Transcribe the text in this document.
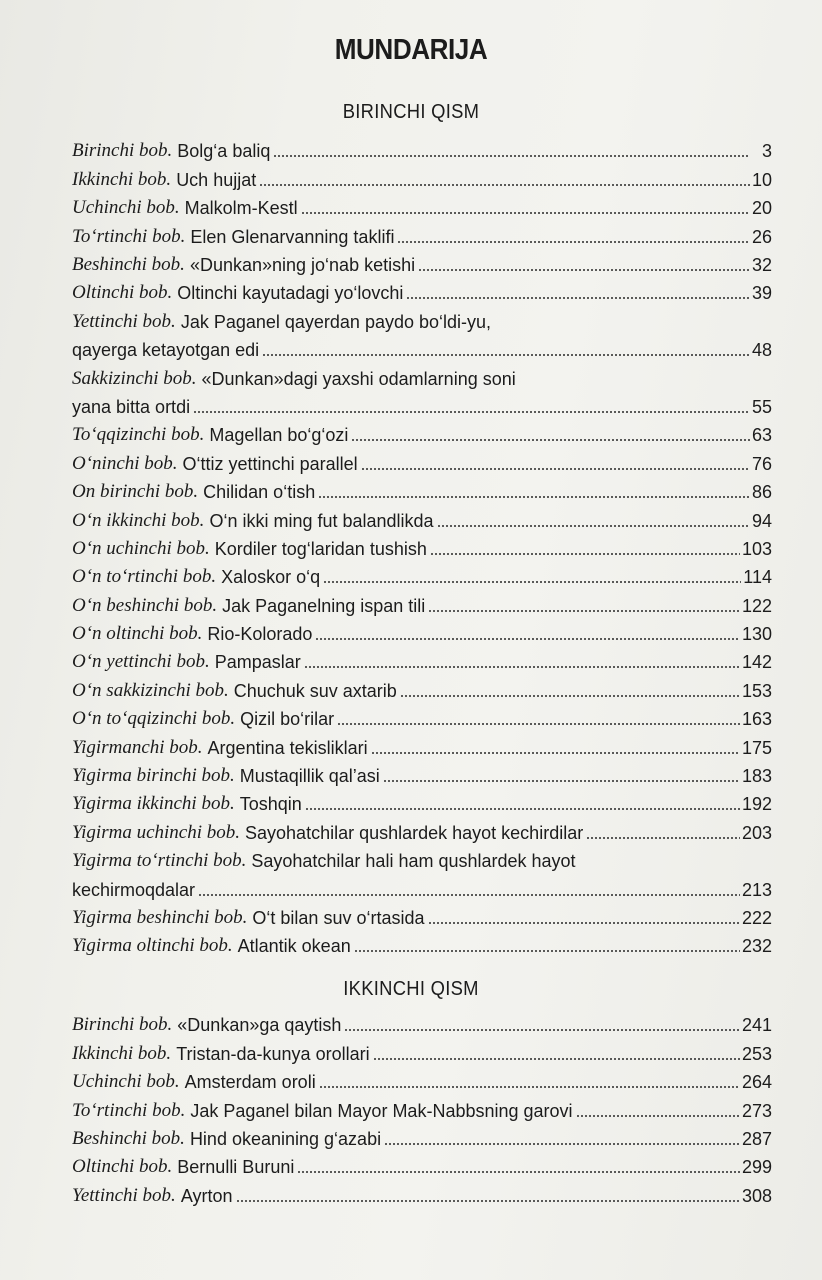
MUNDARIJA
BIRINCHI QISM
Birinchi bob. Bolg‘a baliq	3
Ikkinchi bob. Uch hujjat	10
Uchinchi bob. Malkolm-Kestl	20
To‘rtinchi bob. Elen Glenarvanning taklifi	26
Beshinchi bob. «Dunkan»ning jo‘nab ketishi	32
Oltinchi bob. Oltinchi kayutadagi yo‘lovchi	39
Yettinchi bob. Jak Paganel qayerdan paydo bo‘ldi-yu,
qayerga ketayotgan edi	48
Sakkizinchi bob. «Dunkan»dagi yaxshi odamlarning soni
yana bitta ortdi	55
To‘qqizinchi bob. Magellan bo‘g‘ozi	63
O‘ninchi bob. O‘ttiz yettinchi parallel	76
On birinchi bob. Chilidan o‘tish	86
O‘n ikkinchi bob. O‘n ikki ming fut balandlikda	94
O‘n uchinchi bob. Kordiler tog‘laridan tushish	103
O‘n to‘rtinchi bob. Xaloskor o‘q	114
O‘n beshinchi bob. Jak Paganelning ispan tili	122
O‘n oltinchi bob. Rio-Kolorado	130
O‘n yettinchi bob. Pampaslar	142
O‘n sakkizinchi bob. Chuchuk suv axtarib	153
O‘n to‘qqizinchi bob. Qizil bo‘rilar	163
Yigirmanchi bob. Argentina tekisliklari	175
Yigirma birinchi bob. Mustaqillik qal’asi	183
Yigirma ikkinchi bob. Toshqin	192
Yigirma uchinchi bob. Sayohatchilar qushlardek hayot kechirdilar	203
Yigirma to‘rtinchi bob. Sayohatchilar hali ham qushlardek hayot
kechirmoqdalar	213
Yigirma beshinchi bob. O‘t bilan suv o‘rtasida	222
Yigirma oltinchi bob. Atlantik okean	232
IKKINCHI QISM
Birinchi bob. «Dunkan»ga qaytish	241
Ikkinchi bob. Tristan-da-kunya orollari	253
Uchinchi bob. Amsterdam oroli	264
To‘rtinchi bob. Jak Paganel bilan Mayor Mak-Nabbsning garovi	273
Beshinchi bob. Hind okeanining g‘azabi	287
Oltinchi bob. Bernulli Buruni	299
Yettinchi bob. Ayrton	308
